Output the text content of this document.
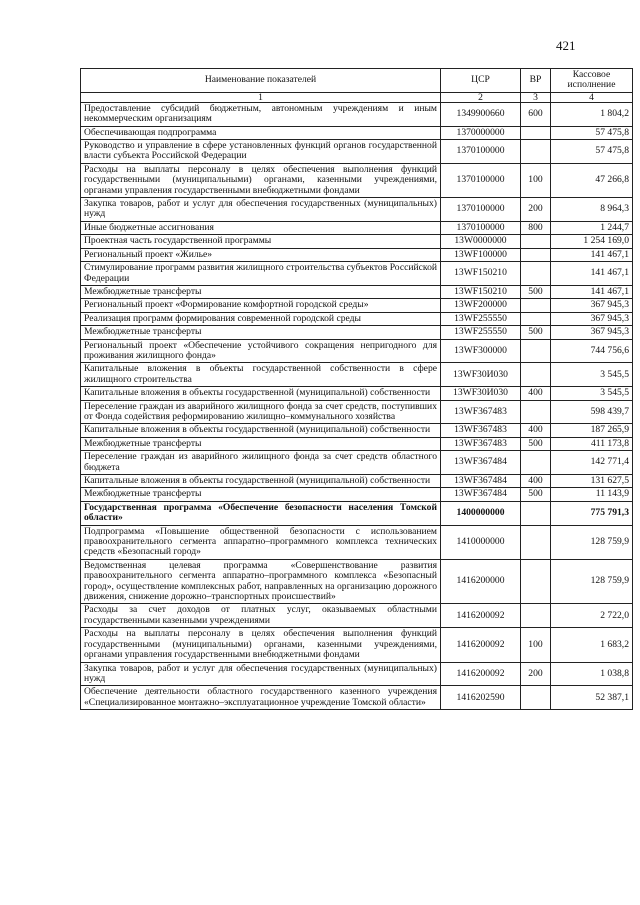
421
Наименование показателей	ЦСР	ВР	Кассовое исполнение
1	2	3	4
Предоставление субсидий бюджетным, автономным учреждениям и иным некоммерческим организациям	1349900660	600	1 804,2
Обеспечивающая подпрограмма	1370000000		57 475,8
Руководство и управление в сфере установленных функций органов государственной власти субъекта Российской Федерации	1370100000		57 475,8
Расходы на выплаты персоналу в целях обеспечения выполнения функций государственными (муниципальными) органами, казенными учреждениями, органами управления государственными внебюджетными фондами	1370100000	100	47 266,8
Закупка товаров, работ и услуг для обеспечения государственных (муниципальных) нужд	1370100000	200	8 964,3
Иные бюджетные ассигнования	1370100000	800	1 244,7
Проектная часть государственной программы	13W0000000		1 254 169,0
Региональный проект «Жилье»	13WF100000		141 467,1
Стимулирование программ развития жилищного строительства субъектов Российской Федерации	13WF150210		141 467,1
Межбюджетные трансферты	13WF150210	500	141 467,1
Региональный проект «Формирование комфортной городской среды»	13WF200000		367 945,3
Реализация программ формирования современной городской среды	13WF255550		367 945,3
Межбюджетные трансферты	13WF255550	500	367 945,3
Региональный проект «Обеспечение устойчивого сокращения непригодного для проживания жилищного фонда»	13WF300000		744 756,6
Капитальные вложения в объекты государственной собственности в сфере жилищного строительства	13WF30И030		3 545,5
Капитальные вложения в объекты государственной (муниципальной) собственности	13WF30И030	400	3 545,5
Переселение граждан из аварийного жилищного фонда за счет средств, поступивших от Фонда содействия реформированию жилищно–коммунального хозяйства	13WF367483		598 439,7
Капитальные вложения в объекты государственной (муниципальной) собственности	13WF367483	400	187 265,9
Межбюджетные трансферты	13WF367483	500	411 173,8
Переселение граждан из аварийного жилищного фонда за счет средств областного бюджета	13WF367484		142 771,4
Капитальные вложения в объекты государственной (муниципальной) собственности	13WF367484	400	131 627,5
Межбюджетные трансферты	13WF367484	500	11 143,9
Государственная программа «Обеспечение безопасности населения Томской области»	1400000000		775 791,3
Подпрограмма «Повышение общественной безопасности с использованием правоохранительного сегмента аппаратно–программного комплекса технических средств «Безопасный город»	1410000000		128 759,9
Ведомственная целевая программа «Совершенствование развития правоохранительного сегмента аппаратно–программного комплекса «Безопасный город», осуществление комплексных работ, направленных на организацию дорожного движения, снижение дорожно–транспортных происшествий»	1416200000		128 759,9
Расходы за счет доходов от платных услуг, оказываемых областными государственными казенными учреждениями	1416200092		2 722,0
Расходы на выплаты персоналу в целях обеспечения выполнения функций государственными (муниципальными) органами, казенными учреждениями, органами управления государственными внебюджетными фондами	1416200092	100	1 683,2
Закупка товаров, работ и услуг для обеспечения государственных (муниципальных) нужд	1416200092	200	1 038,8
Обеспечение деятельности областного государственного казенного учреждения «Специализированное монтажно–эксплуатационное учреждение Томской области»	1416202590		52 387,1
